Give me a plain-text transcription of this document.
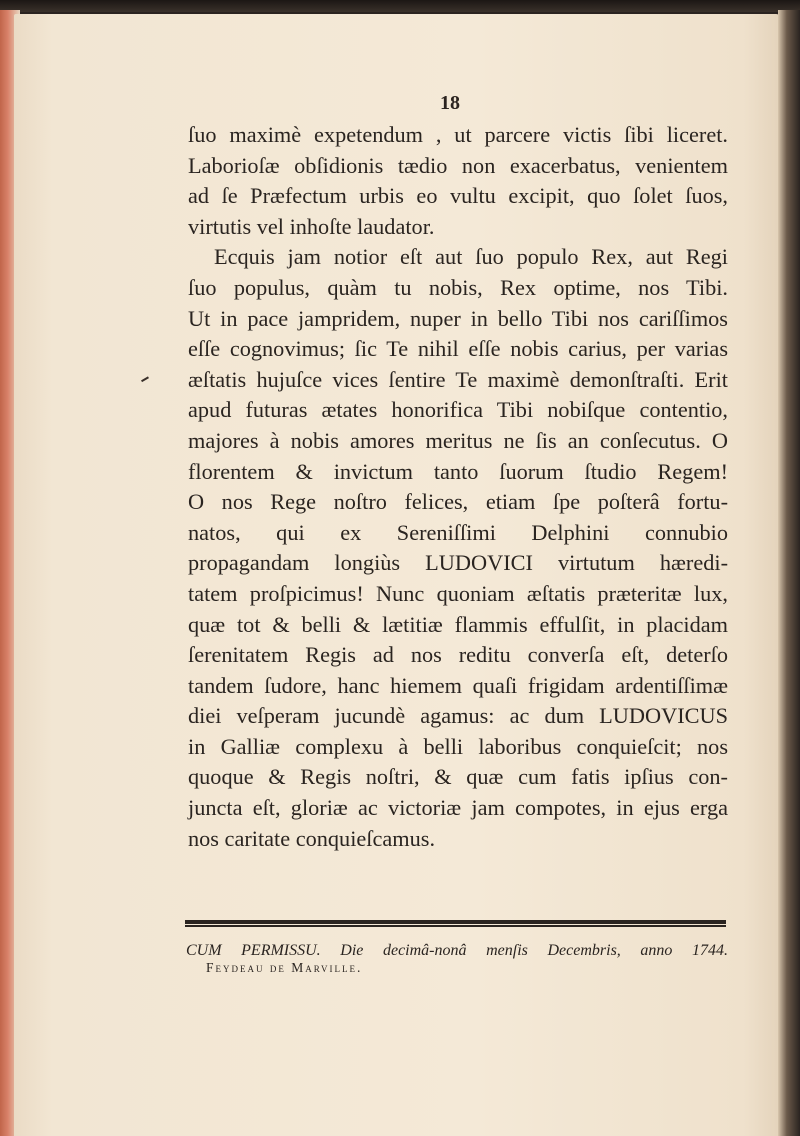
18
ſuo maximè expetendum , ut parcere victis ſibi liceret.
Laborioſæ obſidionis tædio non exacerbatus, venientem
ad ſe Præfectum urbis eo vultu excipit, quo ſolet ſuos,
virtutis vel inhoſte laudator.
Ecquis jam notior eſt aut ſuo populo Rex, aut Regi
ſuo populus, quàm tu nobis, Rex optime, nos Tibi.
Ut in pace jampridem, nuper in bello Tibi nos cariſſimos
eſſe cognovimus; ſic Te nihil eſſe nobis carius, per varias
æſtatis hujuſce vices ſentire Te maximè demonſtraſti. Erit
apud futuras ætates honorifica Tibi nobiſque contentio,
majores à nobis amores meritus ne ſis an conſecutus. O
florentem & invictum tanto ſuorum ſtudio Regem!
O nos Rege noſtro felices, etiam ſpe poſterâ fortu-
natos, qui ex Sereniſſimi Delphini connubio
propagandam longiùs LUDOVICI virtutum hæredi-
tatem proſpicimus! Nunc quoniam æſtatis præteritæ lux,
quæ tot & belli & lætitiæ flammis effulſit, in placidam
ſerenitatem Regis ad nos reditu converſa eſt, deterſo
tandem ſudore, hanc hiemem quaſi frigidam ardentiſſimæ
diei veſperam jucundè agamus: ac dum LUDOVICUS
in Galliæ complexu à belli laboribus conquieſcit; nos
quoque & Regis noſtri, & quæ cum fatis ipſius con-
juncta eſt, gloriæ ac victoriæ jam compotes, in ejus erga
nos caritate conquieſcamus.
CUM PERMISSU. Die decimâ-nonâ menſis Decembris, anno 1744.
Feydeau de Marville.
